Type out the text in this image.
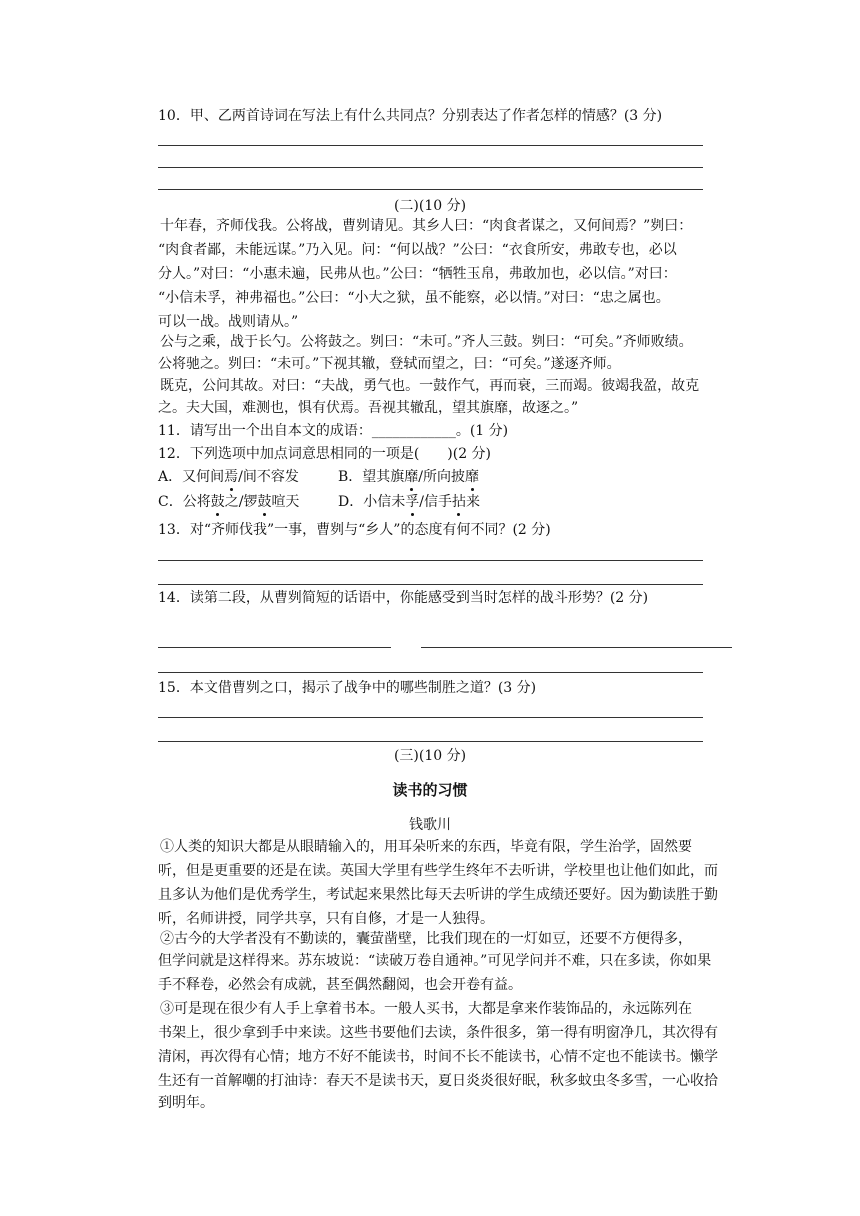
10．甲、乙两首诗词在写法上有什么共同点？分别表达了作者怎样的情感？(3 分)
(二)(10 分)
十年春，齐师伐我。公将战，曹刿请见。其乡人曰：“肉食者谋之，又何间焉？”刿曰：
“肉食者鄙，未能远谋。”乃入见。问：“何以战？”公曰：“衣食所安，弗敢专也，必以
分人。”对曰：“小惠未遍，民弗从也。”公曰：“牺牲玉帛，弗敢加也，必以信。”对曰：
“小信未孚，神弗福也。”公曰：“小大之狱，虽不能察，必以情。”对曰：“忠之属也。
可以一战。战则请从。”
公与之乘，战于长勺。公将鼓之。刿曰：“未可。”齐人三鼓。刿曰：“可矣。”齐师败绩。
公将驰之。刿曰：“未可。”下视其辙，登轼而望之，曰：“可矣。”遂逐齐师。
既克，公问其故。对曰：“夫战，勇气也。一鼓作气，再而衰，三而竭。彼竭我盈，故克
之。夫大国，难测也，惧有伏焉。吾视其辙乱，望其旗靡，故逐之。”
11．请写出一个出自本文的成语：____________。(1 分)
12．下列选项中加点词意思相同的一项是(　　)(2 分)
A．又何间焉/间不容发	B．望其旗靡/所向披靡
C．公将鼓之/锣鼓喧天	D．小信未孚/信手拈来
13．对“齐师伐我”一事，曹刿与“乡人”的态度有何不同？(2 分)
14．读第二段，从曹刿简短的话语中，你能感受到当时怎样的战斗形势？(2 分)
15．本文借曹刿之口，揭示了战争中的哪些制胜之道？(3 分)
(三)(10 分)
读书的习惯
钱歌川
①人类的知识大都是从眼睛输入的，用耳朵听来的东西，毕竟有限，学生治学，固然要
听，但是更重要的还是在读。英国大学里有些学生终年不去听讲，学校里也让他们如此，而
且多认为他们是优秀学生，考试起来果然比每天去听讲的学生成绩还要好。因为勤读胜于勤
听，名师讲授，同学共享，只有自修，才是一人独得。
②古今的大学者没有不勤读的，囊萤凿壁，比我们现在的一灯如豆，还要不方便得多，
但学问就是这样得来。苏东坡说：“读破万卷自通神。”可见学问并不难，只在多读，你如果
手不释卷，必然会有成就，甚至偶然翻阅，也会开卷有益。
③可是现在很少有人手上拿着书本。一般人买书，大都是拿来作装饰品的，永远陈列在
书架上，很少拿到手中来读。这些书要他们去读，条件很多，第一得有明窗净几，其次得有
清闲，再次得有心情；地方不好不能读书，时间不长不能读书，心情不定也不能读书。懒学
生还有一首解嘲的打油诗：春天不是读书天，夏日炎炎很好眠，秋多蚊虫冬多雪，一心收拾
到明年。
